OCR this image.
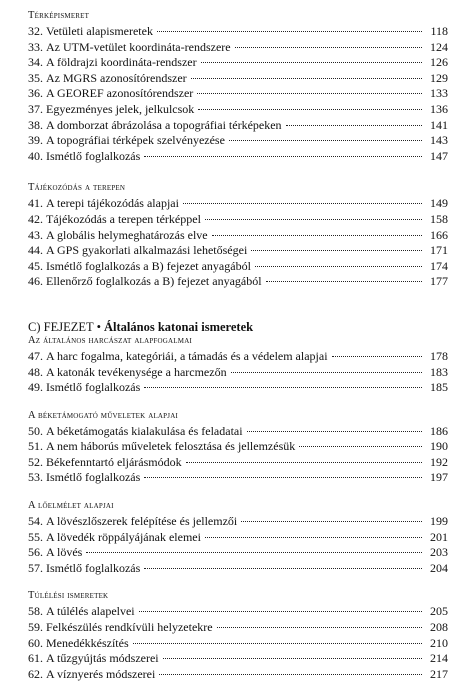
Térképismeret
32. Vetületi alapismeretek	118
33. Az UTM-vetület koordináta-rendszere	124
34. A földrajzi koordináta-rendszer	126
35. Az MGRS azonosítórendszer	129
36. A GEOREF azonosítórendszer	133
37. Egyezményes jelek, jelkulcsok	136
38. A domborzat ábrázolása a topográfiai térképeken	141
39. A topográfiai térképek szelvényezése	143
40. Ismétlő foglalkozás	147
Tájékozódás a terepen
41. A terepi tájékozódás alapjai	149
42. Tájékozódás a terepen térképpel	158
43. A globális helymeghatározás elve	166
44. A GPS gyakorlati alkalmazási lehetőségei	171
45. Ismétlő foglalkozás a B) fejezet anyagából	174
46. Ellenőrző foglalkozás a B) fejezet anyagából	177
C) FEJEZET • Általános katonai ismeretek
Az általános harcászat alapfogalmai
47. A harc fogalma, kategóriái, a támadás és a védelem alapjai	178
48. A katonák tevékenysége a harcmezőn	183
49. Ismétlő foglalkozás	185
A béketámogató műveletek alapjai
50. A béketámogatás kialakulása és feladatai	186
51. A nem háborús műveletek felosztása és jellemzésük	190
52. Békefenntartó eljárásmódok	192
53. Ismétlő foglalkozás	197
A lőelmélet alapjai
54. A lövészlőszerek felépítése és jellemzői	199
55. A lövedék röppályájának elemei	201
56. A lövés	203
57. Ismétlő foglalkozás	204
Túlélési ismeretek
58. A túlélés alapelvei	205
59. Felkészülés rendkívüli helyzetekre	208
60. Menedékkészítés	210
61. A tűzgyújtás módszerei	214
62. A víznyerés módszerei	217
